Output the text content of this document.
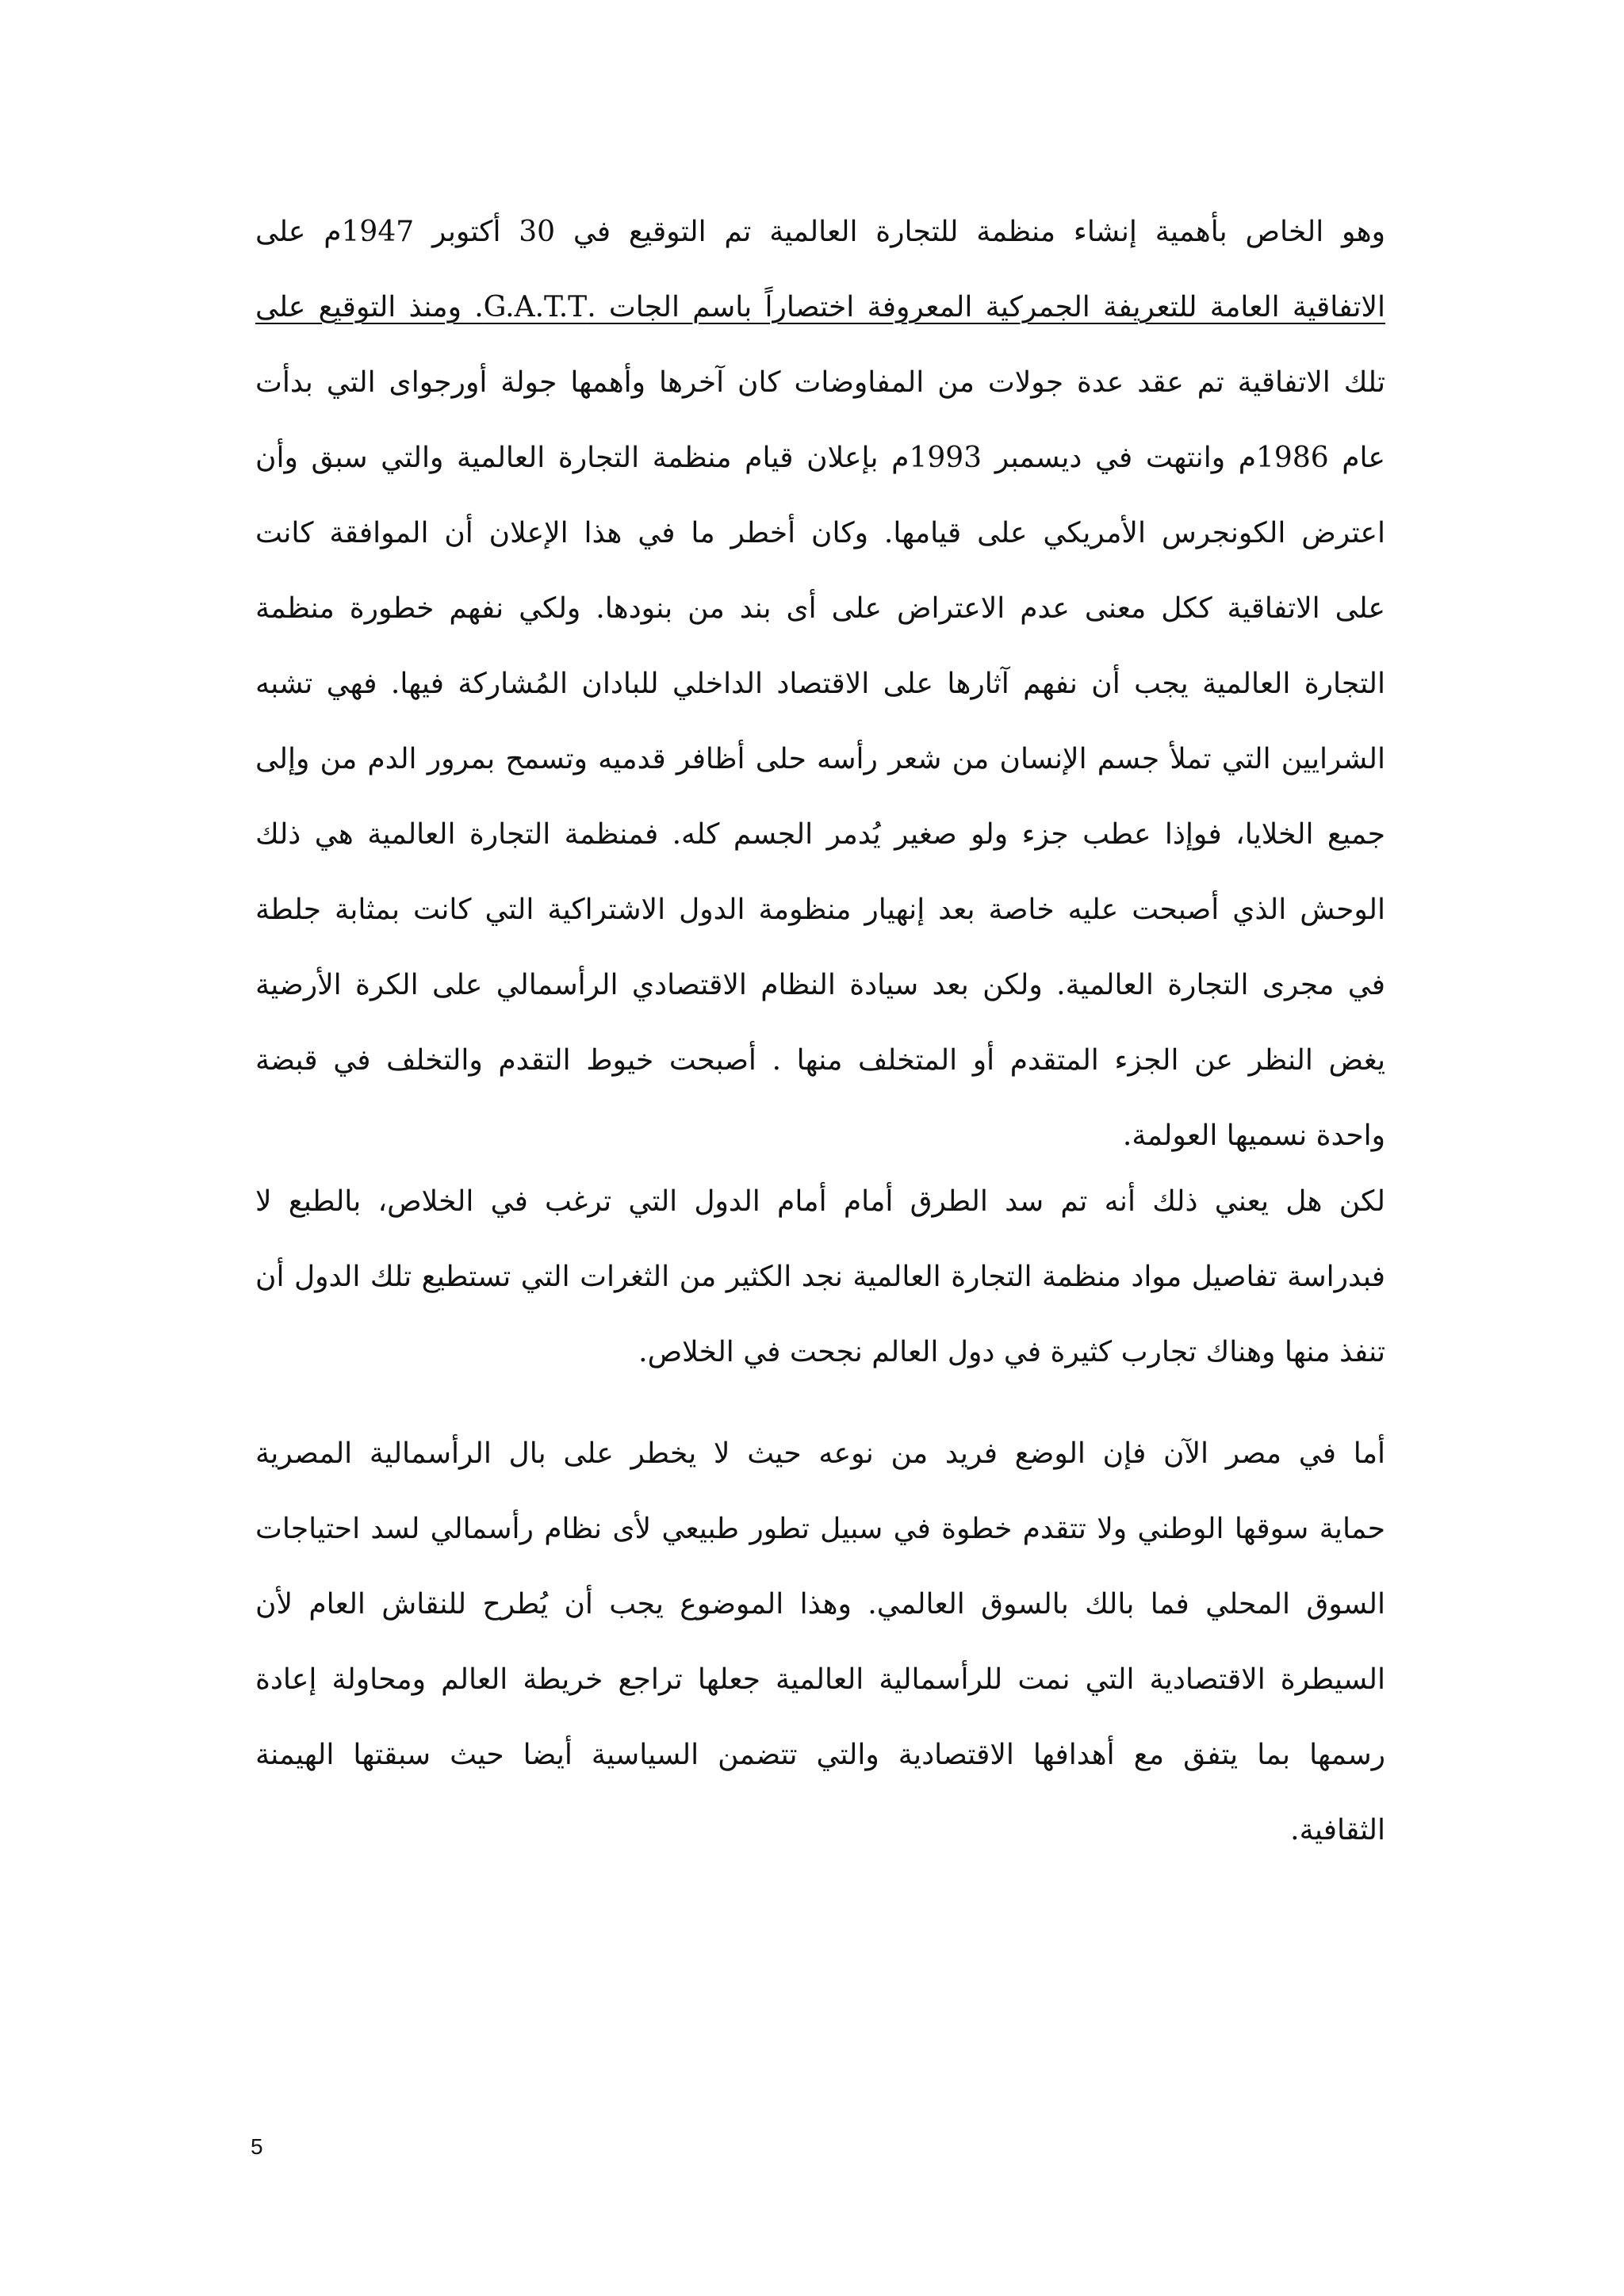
وهو الخاص بأهمية إنشاء منظمة للتجارة العالمية تم التوقيع في 30 أكتوبر 1947م على
الاتفاقية العامة للتعريفة الجمركية المعروفة اختصاراً باسم الجات .G.A.T.T. ومنذ التوقيع على
تلك الاتفاقية تم عقد عدة جولات من المفاوضات كان آخرها وأهمها جولة أورجواى التي بدأت
عام 1986م وانتهت في ديسمبر 1993م بإعلان قيام منظمة التجارة العالمية والتي سبق وأن
اعترض الكونجرس الأمريكي على قيامها. وكان أخطر ما في هذا الإعلان أن الموافقة كانت
على الاتفاقية ككل معنى عدم الاعتراض على أى بند من بنودها. ولكي نفهم خطورة منظمة
التجارة العالمية يجب أن نفهم آثارها على الاقتصاد الداخلي للبادان المُشاركة فيها. فهي تشبه
الشرايين التي تملأ جسم الإنسان من شعر رأسه حلى أظافر قدميه وتسمح بمرور الدم من وإلى
جميع الخلايا، فوإذا عطب جزء ولو صغير يُدمر الجسم كله. فمنظمة التجارة العالمية هي ذلك
الوحش الذي أصبحت عليه خاصة بعد إنهيار منظومة الدول الاشتراكية التي كانت بمثابة جلطة
في مجرى التجارة العالمية. ولكن بعد سيادة النظام الاقتصادي الرأسمالي على الكرة الأرضية
يغض النظر عن الجزء المتقدم أو المتخلف منها . أصبحت خيوط التقدم والتخلف في قبضة
واحدة نسميها العولمة.
لكن هل يعني ذلك أنه تم سد الطرق أمام أمام الدول التي ترغب في الخلاص، بالطبع لا
فبدراسة تفاصيل مواد منظمة التجارة العالمية نجد الكثير من الثغرات التي تستطيع تلك الدول أن
تنفذ منها وهناك تجارب كثيرة في دول العالم نجحت في الخلاص.
أما في مصر الآن فإن الوضع فريد من نوعه حيث لا يخطر على بال الرأسمالية المصرية
حماية سوقها الوطني ولا تتقدم خطوة في سبيل تطور طبيعي لأى نظام رأسمالي لسد احتياجات
السوق المحلي فما بالك بالسوق العالمي. وهذا الموضوع يجب أن يُطرح للنقاش العام لأن
السيطرة الاقتصادية التي نمت للرأسمالية العالمية جعلها تراجع خريطة العالم ومحاولة إعادة
رسمها بما يتفق مع أهدافها الاقتصادية والتي تتضمن السياسية أيضا حيث سبقتها الهيمنة
الثقافية.
5
